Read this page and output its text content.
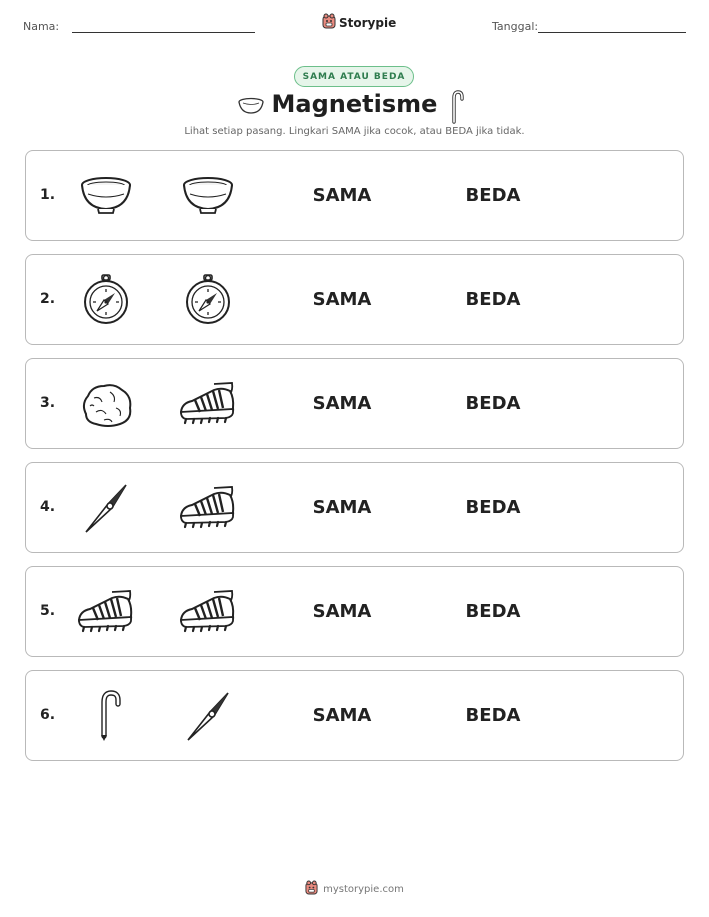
Nama:	Storypie	Tanggal:
SAMA ATAU BEDA
Magnetisme
Lihat setiap pasang. Lingkari SAMA jika cocok, atau BEDA jika tidak.
1.	SAMA	BEDA
2.	SAMA	BEDA
3.	SAMA	BEDA
4.	SAMA	BEDA
5.	SAMA	BEDA
6.	SAMA	BEDA
mystorypie.com
